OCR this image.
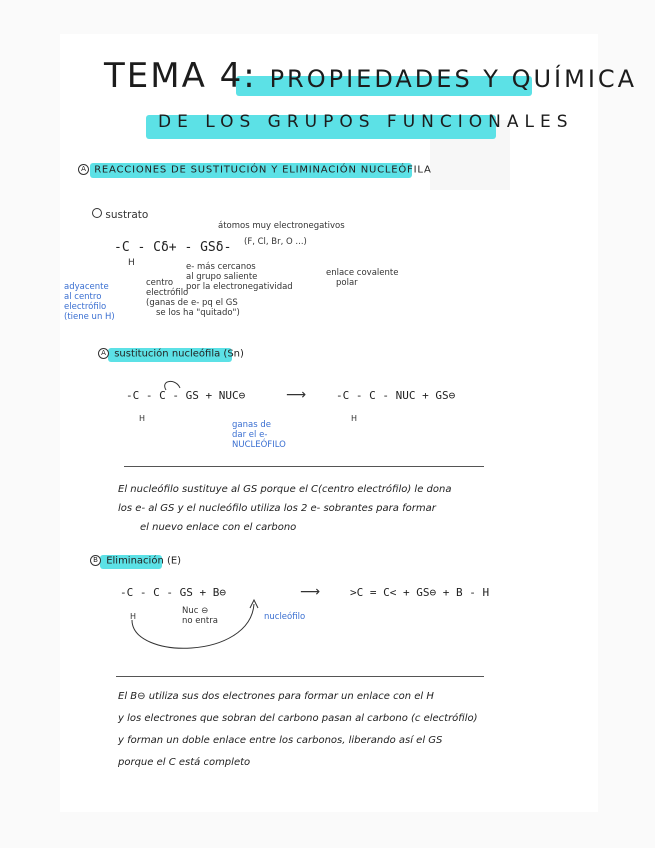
TEMA 4: PROPIEDADES Y QUÍMICA
DE LOS GRUPOS FUNCIONALES
A REACCIONES DE SUSTITUCIÓN Y ELIMINACIÓN NUCLEÓFILA
sustrato
átomos muy electronegativos
(F, Cl, Br, O ...)
-C - Cδ+ - GSδ-
H
adyacente
al centro
electrófilo
(tiene un H)
centro
electrófilo
(ganas de e- pq el GS
se los ha "quitado")
e- más cercanos
al grupo saliente
por la electronegatividad
enlace covalente
polar
A sustitución nucleófila (Sn)
-C - C - GS + NUC⊖	⟶	-C - C - NUC + GS⊖
H	H
ganas de
dar el e-
NUCLEÓFILO
El nucleófilo sustituye al GS porque el C(centro electrófilo) le dona
los e- al GS y el nucleófilo utiliza los 2 e- sobrantes para formar
el nuevo enlace con el carbono
B Eliminación (E)
-C - C - GS + B⊖	⟶	>C = C< + GS⊖ + B - H
H
Nuc ⊖
no entra	nucleófilo
El B⊖ utiliza sus dos electrones para formar un enlace con el H
y los electrones que sobran del carbono pasan al carbono (c electrófilo)
y forman un doble enlace entre los carbonos, liberando así el GS
porque el C está completo
